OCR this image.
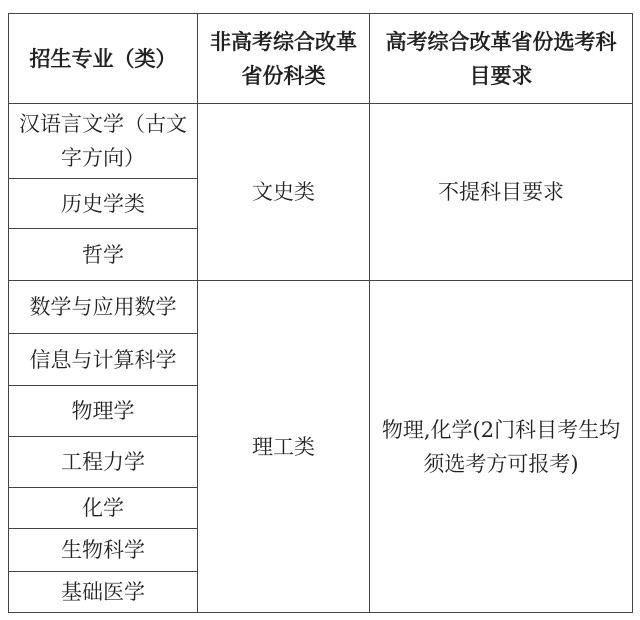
招生专业（类）	非高考综合改革省份科类	高考综合改革省份选考科目要求
汉语言文学（古文字方向）	文史类	不提科目要求
历史学类		
哲学		
数学与应用数学	理工类	物理,化学(2门科目考生均须选考方可报考)
信息与计算科学		
物理学		
工程力学		
化学		
生物科学		
基础医学		
